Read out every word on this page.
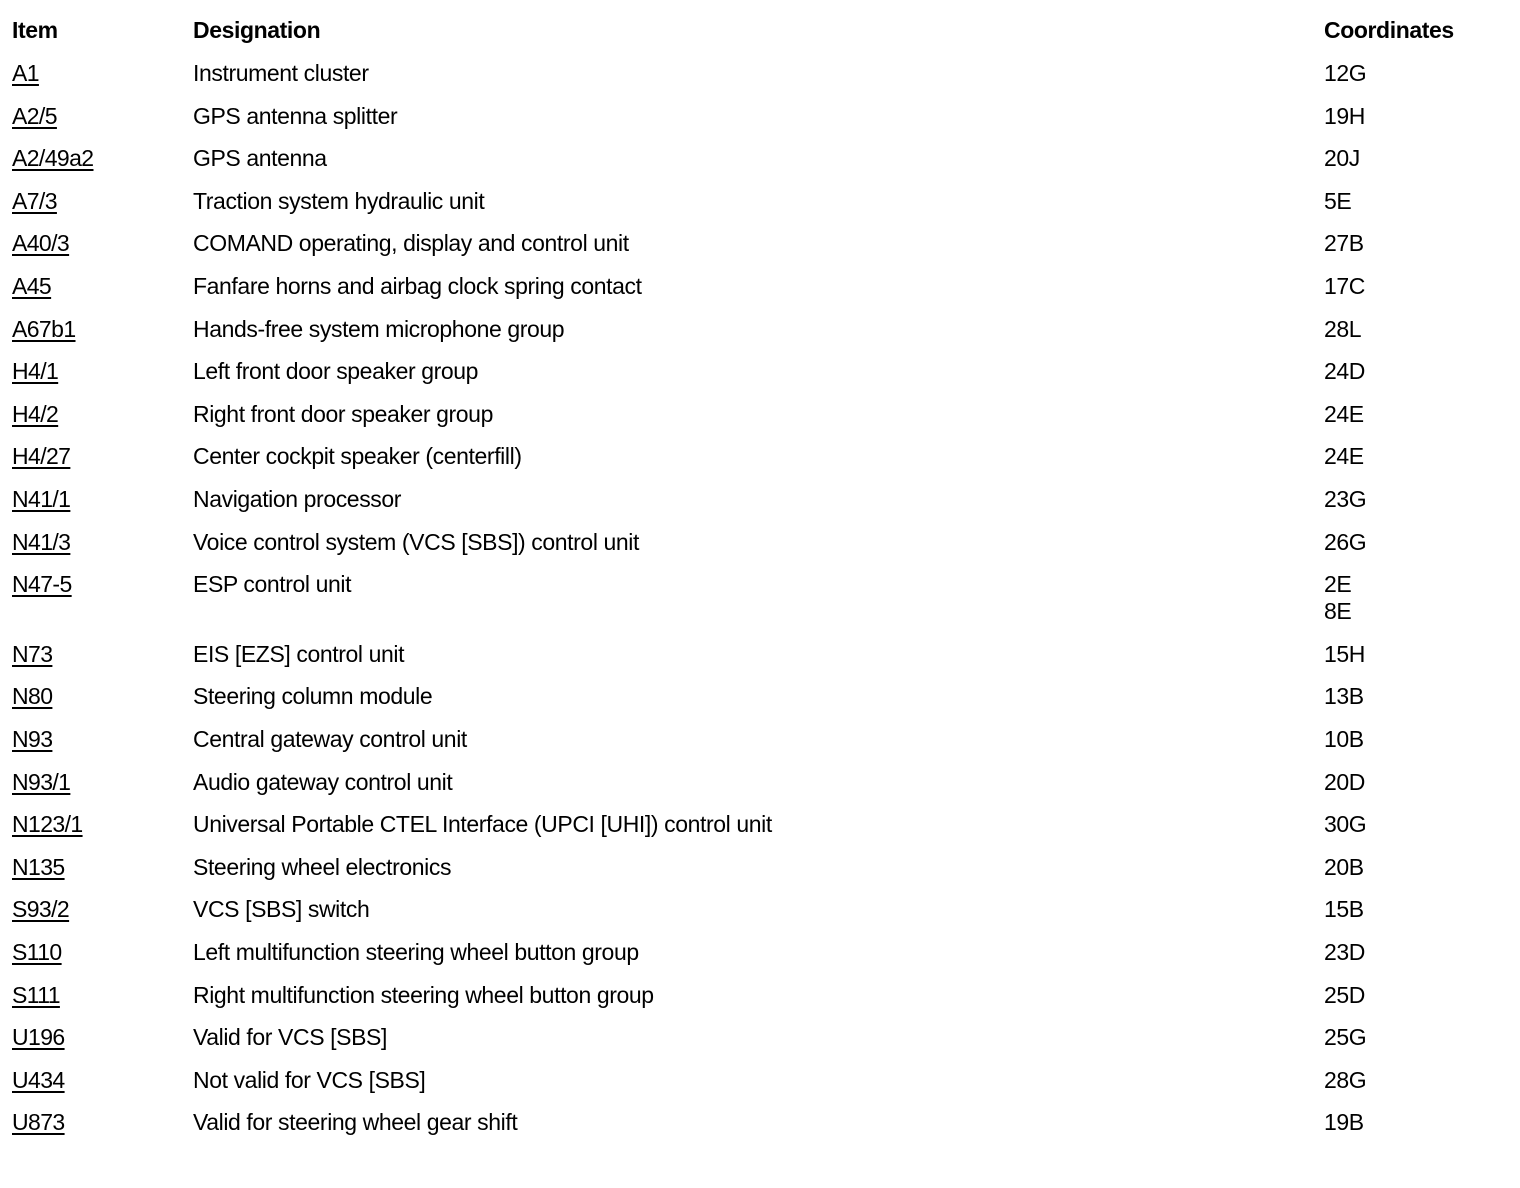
Item	Designation	Coordinates
A1	Instrument cluster	12G
A2/5	GPS antenna splitter	19H
A2/49a2	GPS antenna	20J
A7/3	Traction system hydraulic unit	5E
A40/3	COMAND operating, display and control unit	27B
A45	Fanfare horns and airbag clock spring contact	17C
A67b1	Hands-free system microphone group	28L
H4/1	Left front door speaker group	24D
H4/2	Right front door speaker group	24E
H4/27	Center cockpit speaker (centerfill)	24E
N41/1	Navigation processor	23G
N41/3	Voice control system (VCS [SBS]) control unit	26G
N47-5	ESP control unit	2E
8E
N73	EIS [EZS] control unit	15H
N80	Steering column module	13B
N93	Central gateway control unit	10B
N93/1	Audio gateway control unit	20D
N123/1	Universal Portable CTEL Interface (UPCI [UHI]) control unit	30G
N135	Steering wheel electronics	20B
S93/2	VCS [SBS] switch	15B
S110	Left multifunction steering wheel button group	23D
S111	Right multifunction steering wheel button group	25D
U196	Valid for VCS [SBS]	25G
U434	Not valid for VCS [SBS]	28G
U873	Valid for steering wheel gear shift	19B
